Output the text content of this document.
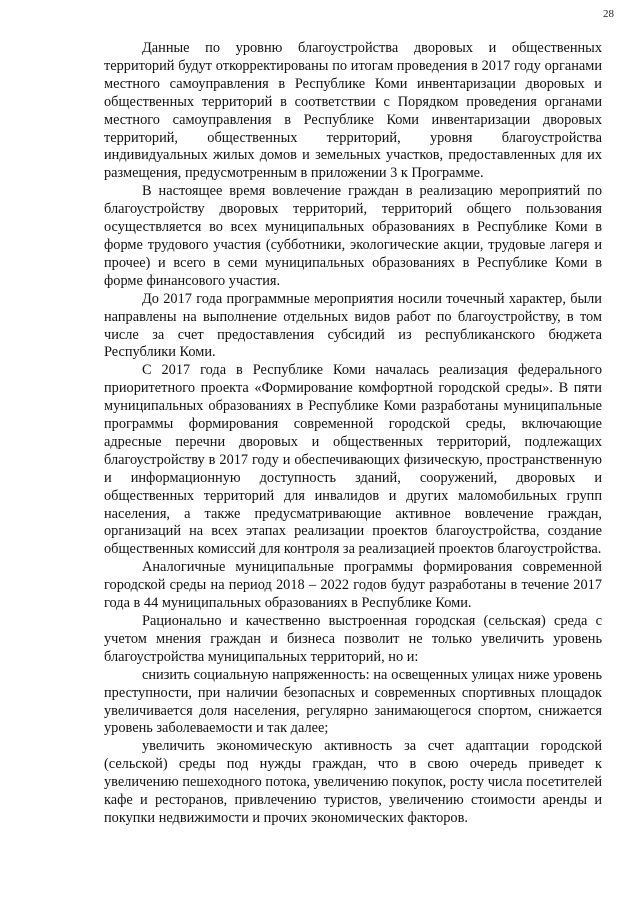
28

Данные по уровню благоустройства дворовых и общественных территорий будут откорректированы по итогам проведения в 2017 году органами местного самоуправления в Республике Коми инвентаризации дворовых и общественных территорий в соответствии с Порядком проведения органами местного самоуправления в Республике Коми инвентаризации дворовых территорий, общественных территорий, уровня благоустройства индивидуальных жилых домов и земельных участков, предоставленных для их размещения, предусмотренным в приложении 3 к Программе.

В настоящее время вовлечение граждан в реализацию мероприятий по благоустройству дворовых территорий, территорий общего пользования осуществляется во всех муниципальных образованиях в Республике Коми в форме трудового участия (субботники, экологические акции, трудовые лагеря и прочее) и всего в семи муниципальных образованиях в Республике Коми в форме финансового участия.

До 2017 года программные мероприятия носили точечный характер, были направлены на выполнение отдельных видов работ по благоустройству, в том числе за счет предоставления субсидий из республиканского бюджета Республики Коми.

С 2017 года в Республике Коми началась реализация федерального приоритетного проекта «Формирование комфортной городской среды». В пяти муниципальных образованиях в Республике Коми разработаны муниципальные программы формирования современной городской среды, включающие адресные перечни дворовых и общественных территорий, подлежащих благоустройству в 2017 году и обеспечивающих физическую, пространственную и информационную доступность зданий, сооружений, дворовых и общественных территорий для инвалидов и других маломобильных групп населения, а также предусматривающие активное вовлечение граждан, организаций на всех этапах реализации проектов благоустройства, создание общественных комиссий для контроля за реализацией проектов благоустройства.

Аналогичные муниципальные программы формирования современной городской среды на период 2018 – 2022 годов будут разработаны в течение 2017 года в 44 муниципальных образованиях в Республике Коми.

Рационально и качественно выстроенная городская (сельская) среда с учетом мнения граждан и бизнеса позволит не только увеличить уровень благоустройства муниципальных территорий, но и:

снизить социальную напряженность: на освещенных улицах ниже уровень преступности, при наличии безопасных и современных спортивных площадок увеличивается доля населения, регулярно занимающегося спортом, снижается уровень заболеваемости и так далее;

увеличить экономическую активность за счет адаптации городской (сельской) среды под нужды граждан, что в свою очередь приведет к увеличению пешеходного потока, увеличению покупок, росту числа посетителей кафе и ресторанов, привлечению туристов, увеличению стоимости аренды и покупки недвижимости и прочих экономических факторов.
